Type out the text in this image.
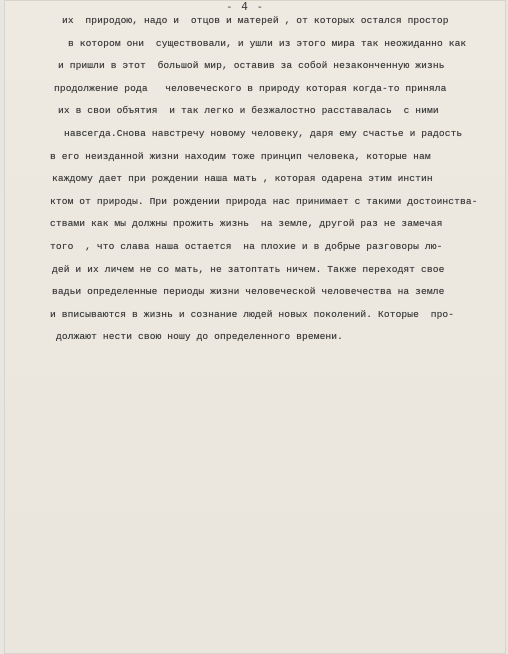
- 4 -
их  природою, надо и  отцов и матерей , от которых остался простор
в котором они  существовали, и ушли из этого мира так неожиданно как
и пришли в этот  большой мир, оставив за собой незаконченную жизнь
продолжение рода   человеческого в природу которая когда-то приняла
их в свои объятия  и так легко и безжалостно расставалась  с ними
навсегда.Снова навстречу новому человеку, даря ему счастье и радость
в его неизданной жизни находим тоже принцип человека, которые нам
каждому дает при рождении наша мать , которая одарена этим инстин
ктом от природы. При рождении природа нас принимает с такими достоинства-
ствами как мы должны прожить жизнь  на земле, другой раз не замечая
того  , что слава наша остается  на плохие и в добрые разговоры лю-
дей и их личем не со мать, не затоптать ничем. Также переходят свое
вадьи определенные периоды жизни человеческой человечества на земле
и вписываются в жизнь и сознание людей новых поколений. Которые  про-
должают нести свою ношу до определенного времени.
